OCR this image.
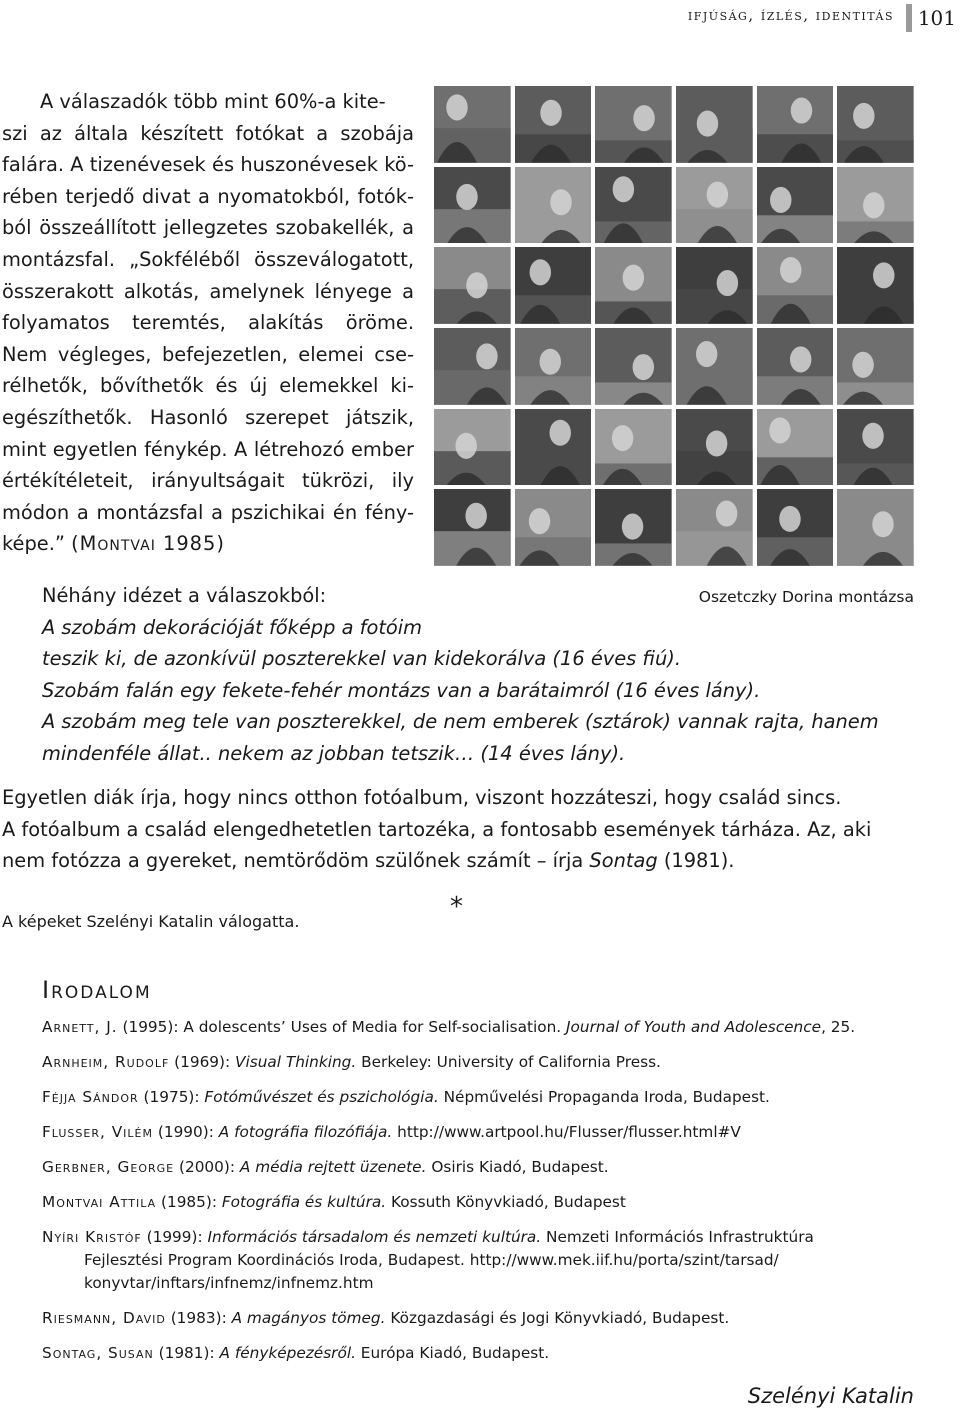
ifjúság, ízlés, identitás 101
A válaszadók több mint 60%-a kite-
szi az általa készített fotókat a szobája
falára. A tizenévesek és huszonévesek kö-
rében terjedő divat a nyomatokból, fotók-
ból összeállított jellegzetes szobakellék, a
montázsfal. „Sokféléből összeválogatott,
összerakott alkotás, amelynek lényege a
folyamatos teremtés, alakítás öröme.
Nem végleges, befejezetlen, elemei cse-
rélhetők, bővíthetők és új elemekkel ki-
egészíthetők. Hasonló szerepet játszik,
mint egyetlen fénykép. A létrehozó ember
értékítéleteit, irányultságait tükrözi, ily
módon a montázsfal a pszichikai én fény-
képe.” (Montvai 1985)
Oszetczky Dorina montázsa
Néhány idézet a válaszokból:
A szobám dekorációját főképp a fotóim
teszik ki, de azonkívül poszterekkel van kidekorálva (16 éves fiú).
Szobám falán egy fekete-fehér montázs van a barátaimról (16 éves lány).
A szobám meg tele van poszterekkel, de nem emberek (sztárok) vannak rajta, hanem
mindenféle állat.. nekem az jobban tetszik… (14 éves lány).
Egyetlen diák írja, hogy nincs otthon fotóalbum, viszont hozzáteszi, hogy család sincs.
A fotóalbum a család elengedhetetlen tartozéka, a fontosabb események tárháza. Az, aki
nem fotózza a gyereket, nemtörődöm szülőnek számít – írja Sontag (1981).
A képeket Szelényi Katalin válogatta.	*
Irodalom
Arnett, J. (1995): A dolescents’ Uses of Media for Self-socialisation. Journal of Youth and Adolescence, 25.
Arnheim, Rudolf (1969): Visual Thinking. Berkeley: University of California Press.
Féjja Sándor (1975): Fotóművészet és pszichológia. Népművelési Propaganda Iroda, Budapest.
Flusser, Vilém (1990): A fotográfia filozófiája. http://www.artpool.hu/Flusser/flusser.html#V
Gerbner, George (2000): A média rejtett üzenete. Osiris Kiadó, Budapest.
Montvai Attila (1985): Fotográfia és kultúra. Kossuth Könyvkiadó, Budapest
Nyíri Kristóf (1999): Információs társadalom és nemzeti kultúra. Nemzeti Információs Infrastruktúra
Fejlesztési Program Koordinációs Iroda, Budapest. http://www.mek.iif.hu/porta/szint/tarsad/
konyvtar/inftars/infnemz/infnemz.htm
Riesmann, David (1983): A magányos tömeg. Közgazdasági és Jogi Könyvkiadó, Budapest.
Sontag, Susan (1981): A fényképezésről. Európa Kiadó, Budapest.
Szelényi Katalin
